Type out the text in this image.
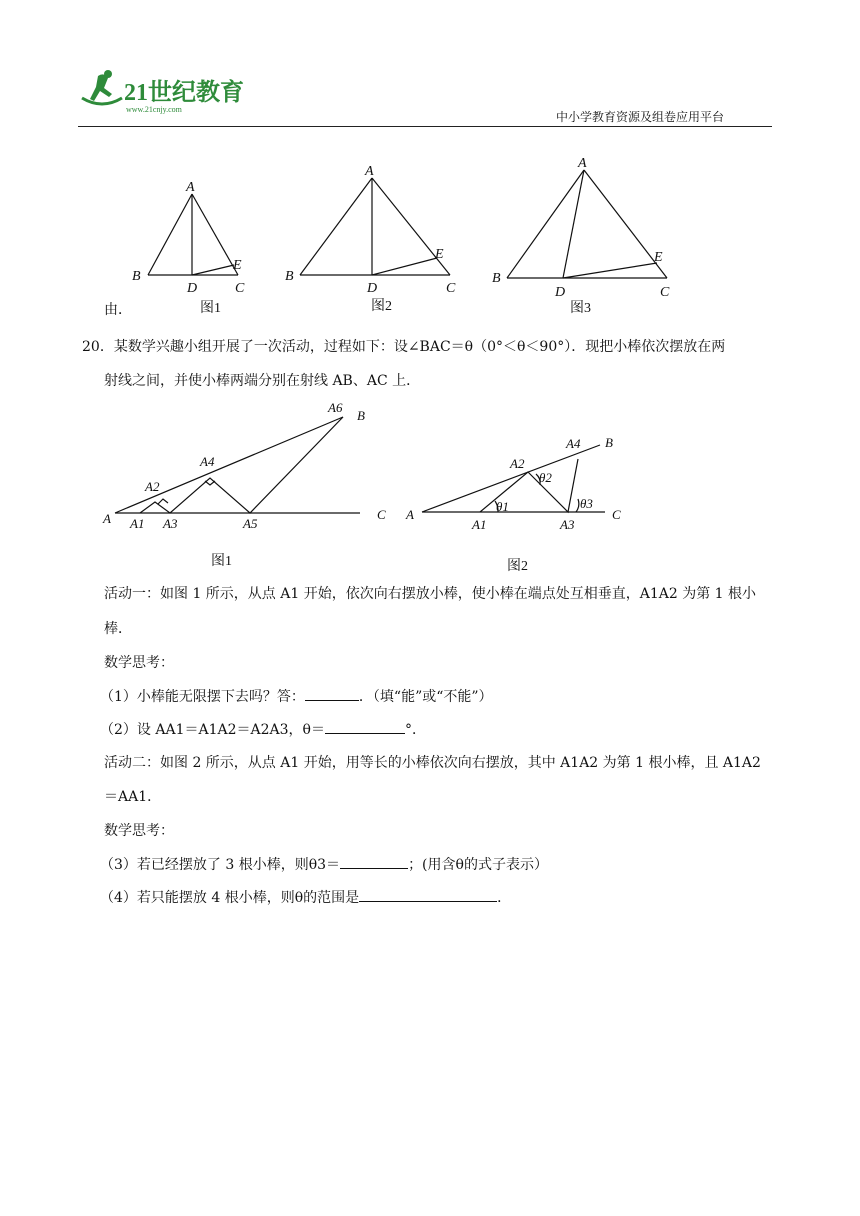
21世纪教育
www.21cnjy.com
中小学教育资源及组卷应用平台
A
B
D
E
C
A
B
D
E
C
A
B
D
E
C
图1	图2	图3
由．
20．某数学兴趣小组开展了一次活动，过程如下：设∠BAC＝θ（0°＜θ＜90°）．现把小棒依次摆放在两
射线之间，并使小棒两端分别在射线 AB、AC 上．
A6
B
A4
A2
A A1 A3	A5
C
图1
A4 B
A2
θ2
θ1	θ3
A
A1	A3
C
图2
活动一：如图 1 所示，从点 A1 开始，依次向右摆放小棒，使小棒在端点处互相垂直，A1A2 为第 1 根小
棒．
数学思考：
（1）小棒能无限摆下去吗？答：	．（填“能”或“不能”）
（2）设 AA1＝A1A2＝A2A3，θ＝	°．
活动二：如图 2 所示，从点 A1 开始，用等长的小棒依次向右摆放，其中 A1A2 为第 1 根小棒，且 A1A2
＝AA1．
数学思考：
（3）若已经摆放了 3 根小棒，则θ3＝	；(用含θ的式子表示）
（4）若只能摆放 4 根小棒，则θ的范围是	．
